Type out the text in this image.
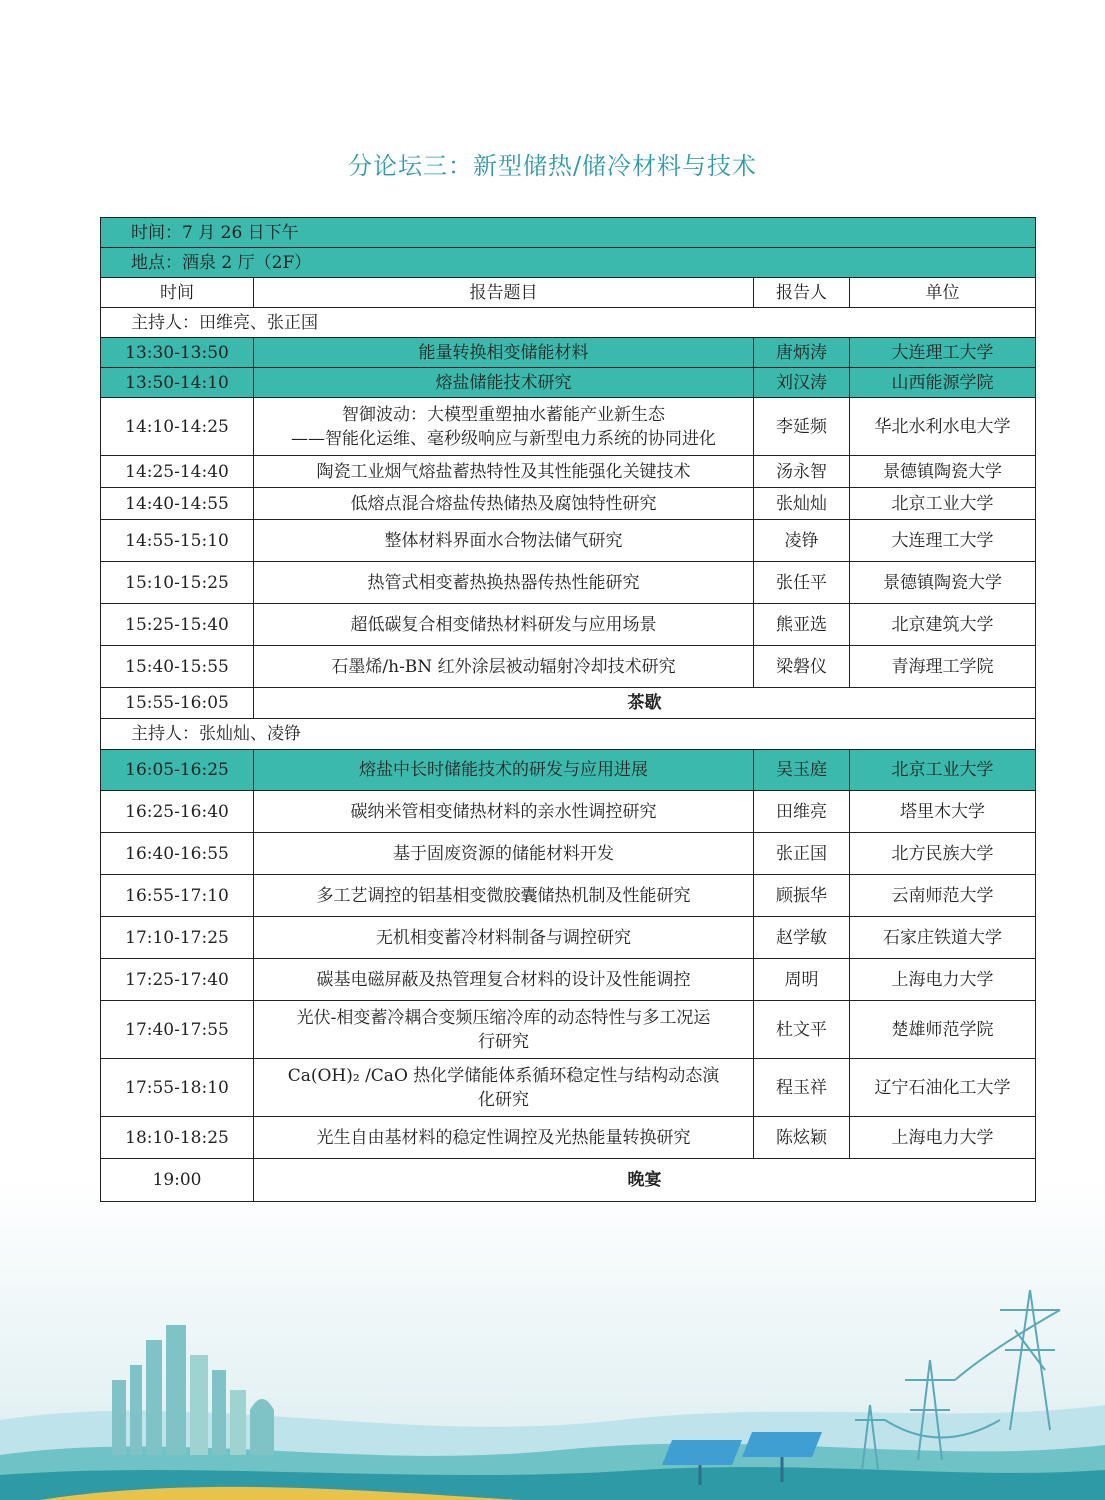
分论坛三：新型储热/储冷材料与技术
时间：7 月 26 日下午			
地点：酒泉 2 厅（2F）			
时间	报告题目	报告人	单位
主持人：田维亮、张正国			
13:30-13:50	能量转换相变储能材料	唐炳涛	大连理工大学
13:50-14:10	熔盐储能技术研究	刘汉涛	山西能源学院
14:10-14:25	智御波动：大模型重塑抽水蓄能产业新生态
——智能化运维、毫秒级响应与新型电力系统的协同进化	李延频	华北水利水电大学
14:25-14:40	陶瓷工业烟气熔盐蓄热特性及其性能强化关键技术	汤永智	景德镇陶瓷大学
14:40-14:55	低熔点混合熔盐传热储热及腐蚀特性研究	张灿灿	北京工业大学
14:55-15:10	整体材料界面水合物法储气研究	凌铮	大连理工大学
15:10-15:25	热管式相变蓄热换热器传热性能研究	张任平	景德镇陶瓷大学
15:25-15:40	超低碳复合相变储热材料研发与应用场景	熊亚选	北京建筑大学
15:40-15:55	石墨烯/h-BN 红外涂层被动辐射冷却技术研究	梁磐仪	青海理工学院
15:55-16:05	茶歇		
主持人：张灿灿、凌铮			
16:05-16:25	熔盐中长时储能技术的研发与应用进展	吴玉庭	北京工业大学
16:25-16:40	碳纳米管相变储热材料的亲水性调控研究	田维亮	塔里木大学
16:40-16:55	基于固废资源的储能材料开发	张正国	北方民族大学
16:55-17:10	多工艺调控的铝基相变微胶囊储热机制及性能研究	顾振华	云南师范大学
17:10-17:25	无机相变蓄冷材料制备与调控研究	赵学敏	石家庄铁道大学
17:25-17:40	碳基电磁屏蔽及热管理复合材料的设计及性能调控	周明	上海电力大学
17:40-17:55	光伏-相变蓄冷耦合变频压缩冷库的动态特性与多工况运
行研究	杜文平	楚雄师范学院
17:55-18:10	Ca(OH)₂ /CaO 热化学储能体系循环稳定性与结构动态演
化研究	程玉祥	辽宁石油化工大学
18:10-18:25	光生自由基材料的稳定性调控及光热能量转换研究	陈炫颖	上海电力大学
19:00	晚宴		
